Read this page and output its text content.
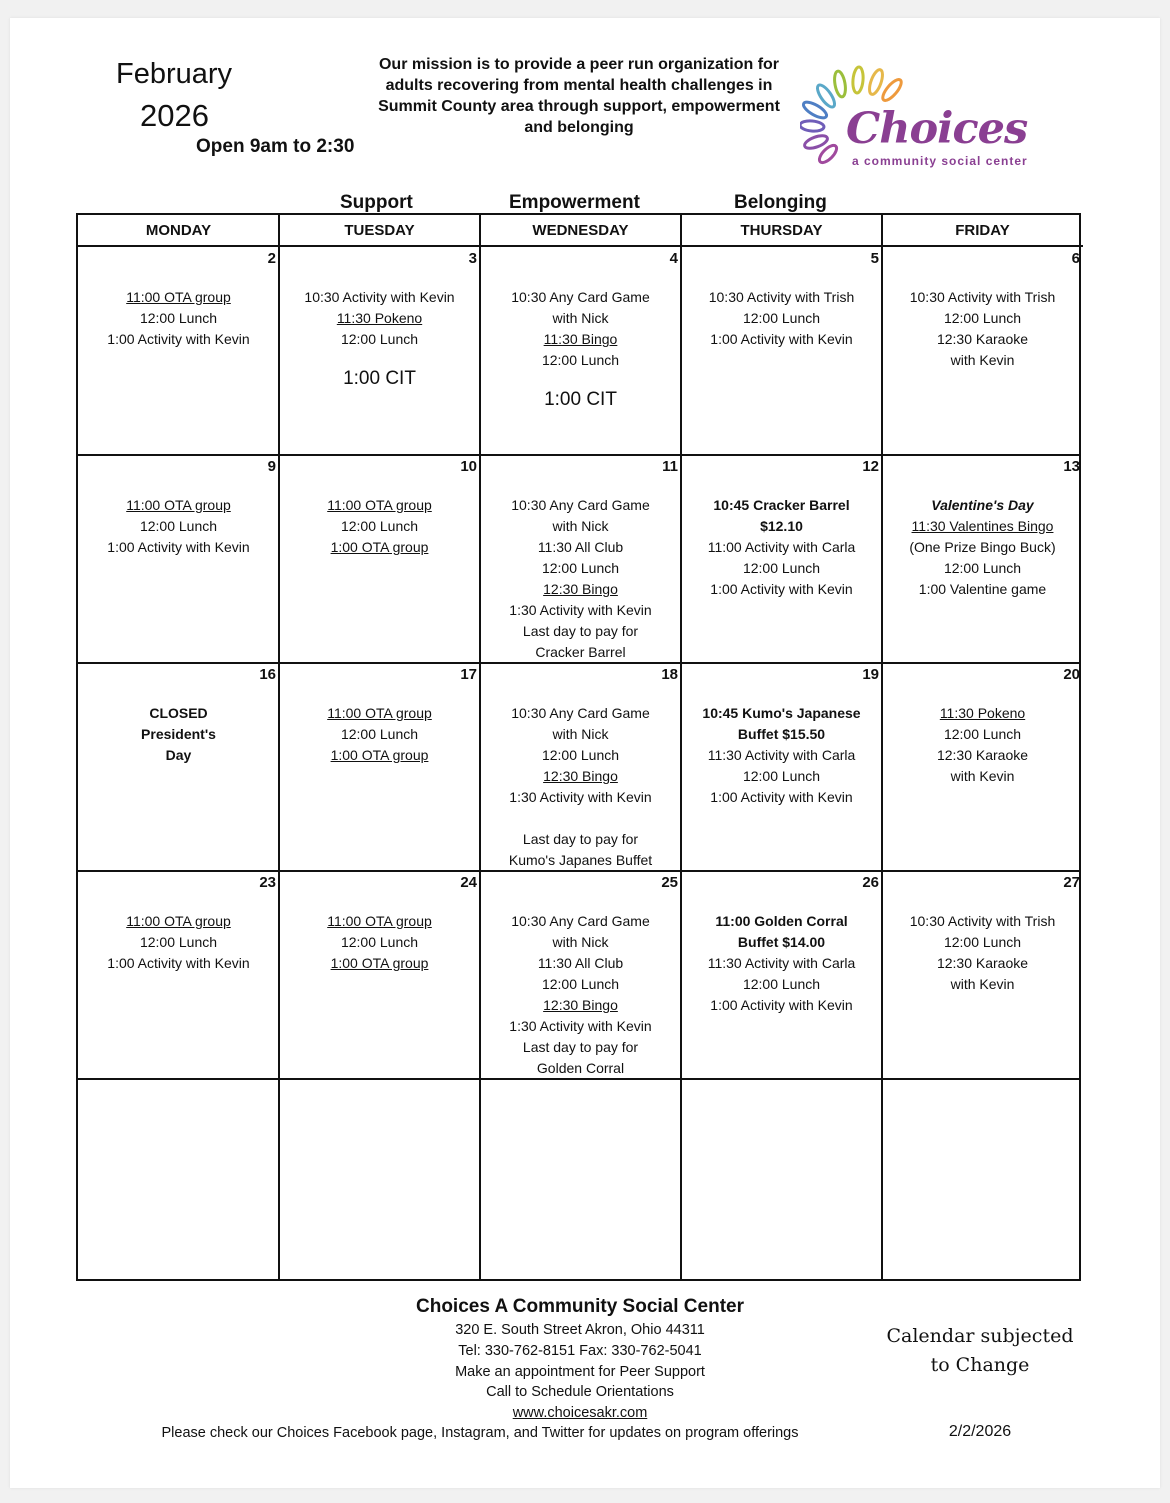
February
2026
Open 9am to 2:30
Our mission is to provide a peer run organization for adults recovering from mental health challenges in Summit County area through support, empowerment and belonging	Choices
a community social center
Support	Empowerment	Belonging
MONDAY	TUESDAY	WEDNESDAY	THURSDAY	FRIDAY
2
11:00 OTA group
12:00 Lunch
1:00 Activity with Kevin
3
10:30 Activity with Kevin
11:30 Pokeno
12:00 Lunch
1:00 CIT
4
10:30 Any Card Game
with Nick
11:30 Bingo
12:00 Lunch
1:00 CIT
5
10:30 Activity with Trish
12:00 Lunch
1:00 Activity with Kevin
6
10:30 Activity with Trish
12:00 Lunch
12:30 Karaoke
with Kevin
9
11:00 OTA group
12:00 Lunch
1:00 Activity with Kevin
10
11:00 OTA group
12:00 Lunch
1:00 OTA group
11
10:30 Any Card Game
with Nick
11:30 All Club
12:00 Lunch
12:30 Bingo
1:30 Activity with Kevin
Last day to pay for
Cracker Barrel
12
10:45 Cracker Barrel
$12.10
11:00 Activity with Carla
12:00 Lunch
1:00 Activity with Kevin
13
Valentine's Day
11:30 Valentines Bingo
(One Prize Bingo Buck)
12:00 Lunch
1:00 Valentine game
16
CLOSED
President's
Day
17
11:00 OTA group
12:00 Lunch
1:00 OTA group
18
10:30 Any Card Game
with Nick
12:00 Lunch
12:30 Bingo
1:30 Activity with Kevin
Last day to pay for
Kumo's Japanes Buffet
19
10:45 Kumo's Japanese
Buffet $15.50
11:30 Activity with Carla
12:00 Lunch
1:00 Activity with Kevin
20
11:30 Pokeno
12:00 Lunch
12:30 Karaoke
with Kevin
23
11:00 OTA group
12:00 Lunch
1:00 Activity with Kevin
24
11:00 OTA group
12:00 Lunch
1:00 OTA group
25
10:30 Any Card Game
with Nick
11:30 All Club
12:00 Lunch
12:30 Bingo
1:30 Activity with Kevin
Last day to pay for
Golden Corral
26
11:00 Golden Corral
Buffet $14.00
11:30 Activity with Carla
12:00 Lunch
1:00 Activity with Kevin
27
10:30 Activity with Trish
12:00 Lunch
12:30 Karaoke
with Kevin
Choices A Community Social Center
320 E. South Street Akron, Ohio 44311
Tel: 330-762-8151 Fax: 330-762-5041
Make an appointment for Peer Support
Call to Schedule Orientations
www.choicesakr.com
Please check our Choices Facebook page, Instagram, and Twitter for updates on program offerings
Calendar subjected to Change
2/2/2026
